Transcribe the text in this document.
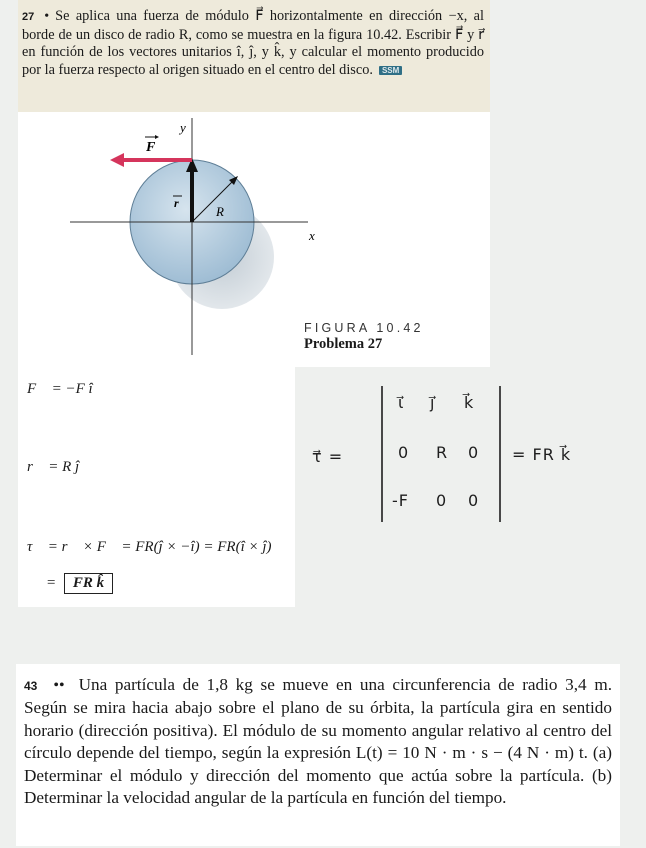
27 • Se aplica una fuerza de módulo F⃗ horizontalmente en dirección −x, al borde de un disco de radio R, como se muestra en la figura 10.42. Escribir F⃗ y r⃗ en función de los vectores unitarios î, ĵ, y k̂, y calcular el momento producido por la fuerza respecto al origen situado en el centro del disco. SSM
y
x
F
r
R
FIGURA 10.42
Problema 27
F⃗ = −F î
r⃗ = R ĵ
τ⃗ = r⃗ × F⃗ = FR(ĵ × −î) = FR(î × ĵ)
= FR k̂
τ⃗ =
ι⃗ ȷ⃗ k⃗
0 R 0
-F 0 0
= FR k⃗
43 •• Una partícula de 1,8 kg se mueve en una circunferencia de radio 3,4 m. Según se mira hacia abajo sobre el plano de su órbita, la partícula gira en sentido horario (dirección positiva). El módulo de su momento angular relativo al centro del círculo depende del tiempo, según la expresión L(t) = 10 N · m · s − (4 N · m) t. (a) Determinar el módulo y dirección del momento que actúa sobre la partícula. (b) Determinar la velocidad angular de la partícula en función del tiempo.
